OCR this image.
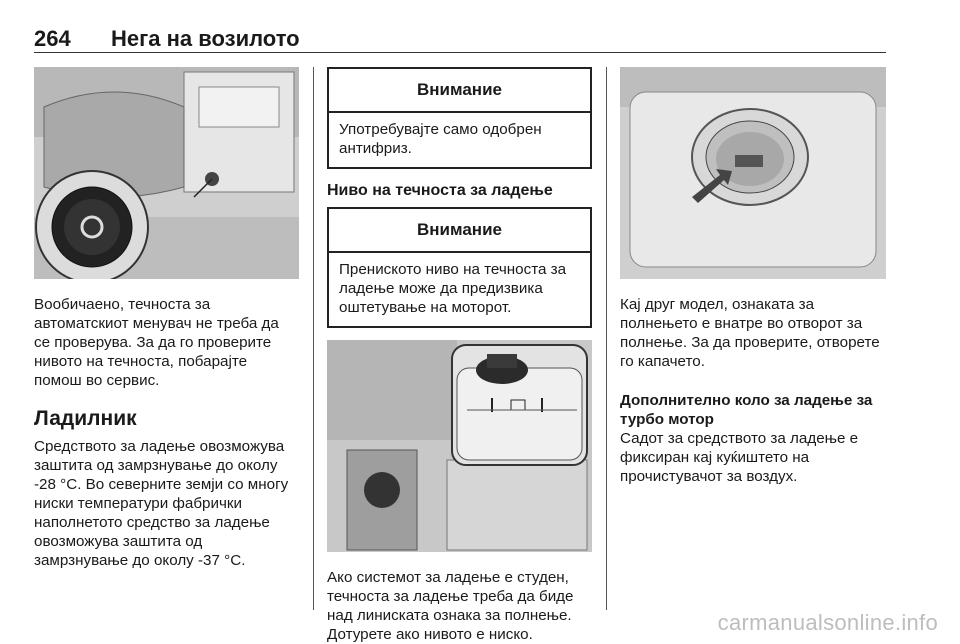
264 Нега на возилото

Вообичаено, течноста за автоматскиот менувач не треба да се проверува. За да го проверите нивото на течноста, побарајте помош во сервис.

Ладилник

Средството за ладење овозможува заштита од замрзнување до околу -28 °C. Во северните земји со многу ниски температури фабрички наполнетото средство за ладење овозможува заштита од замрзнување до околу -37 °C.

Внимание
Употребувајте само одобрен антифриз.
Ниво на течноста за ладење
Внимание
Прениското ниво на течноста за ладење може да предизвика оштетување на моторот.

Ако системот за ладење е студен, течноста за ладење треба да биде над линиската ознака за полнење. Дотурете ако нивото е ниско.

Кај друг модел, ознаката за полнењето е внатре во отворот за полнење. За да проверите, отворете го капачето.

Дополнително коло за ладење за турбо мотор

Садот за средството за ладење е фиксиран кај куќиштето на прочистувачот за воздух.

carmanualsonline.info
